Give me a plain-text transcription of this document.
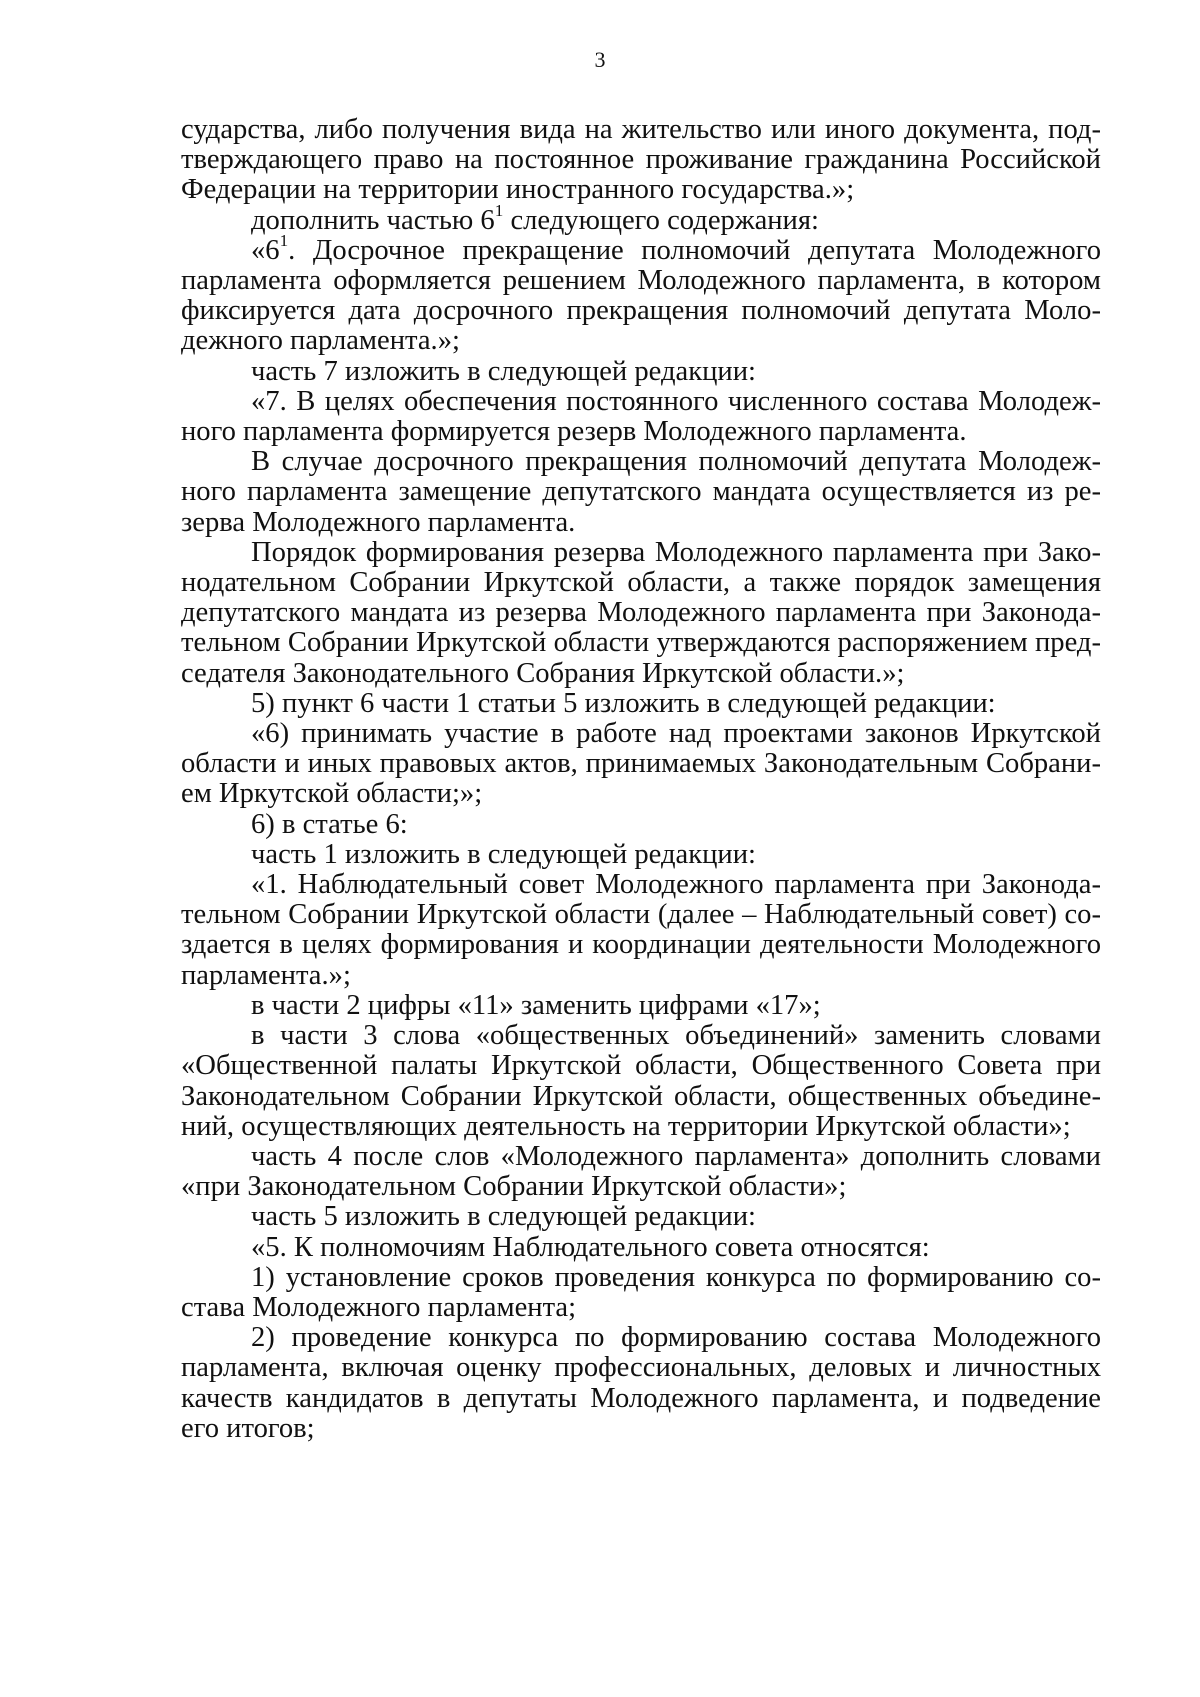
3

сударства, либо получения вида на жительство или иного документа, подтверждающего право на постоянное проживание гражданина Российской Федерации на территории иностранного государства.»;

дополнить частью $6^1$ следующего содержания:

«$6^1$. Досрочное прекращение полномочий депутата Молодежного парламента оформляется решением Молодежного парламента, в котором фиксируется дата досрочного прекращения полномочий депутата Молодежного парламента.»;

часть 7 изложить в следующей редакции:

«7. В целях обеспечения постоянного численного состава Молодежного парламента формируется резерв Молодежного парламента.

В случае досрочного прекращения полномочий депутата Молодежного парламента замещение депутатского мандата осуществляется из резерва Молодежного парламента.

Порядок формирования резерва Молодежного парламента при Законодательном Собрании Иркутской области, а также порядок замещения депутатского мандата из резерва Молодежного парламента при Законодательном Собрании Иркутской области утверждаются распоряжением председателя Законодательного Собрания Иркутской области.»;

5) пункт 6 части 1 статьи 5 изложить в следующей редакции:

«6) принимать участие в работе над проектами законов Иркутской области и иных правовых актов, принимаемых Законодательным Собранием Иркутской области;»;

6) в статье 6:

часть 1 изложить в следующей редакции:

«1. Наблюдательный совет Молодежного парламента при Законодательном Собрании Иркутской области (далее – Наблюдательный совет) создается в целях формирования и координации деятельности Молодежного парламента.»;

в части 2 цифры «11» заменить цифрами «17»;

в части 3 слова «общественных объединений» заменить словами «Общественной палаты Иркутской области, Общественного Совета при Законодательном Собрании Иркутской области, общественных объединений, осуществляющих деятельность на территории Иркутской области»;

часть 4 после слов «Молодежного парламента» дополнить словами «при Законодательном Собрании Иркутской области»;

часть 5 изложить в следующей редакции:

«5. К полномочиям Наблюдательного совета относятся:

1) установление сроков проведения конкурса по формированию состава Молодежного парламента;

2) проведение конкурса по формированию состава Молодежного парламента, включая оценку профессиональных, деловых и личностных качеств кандидатов в депутаты Молодежного парламента, и подведение его итогов;
